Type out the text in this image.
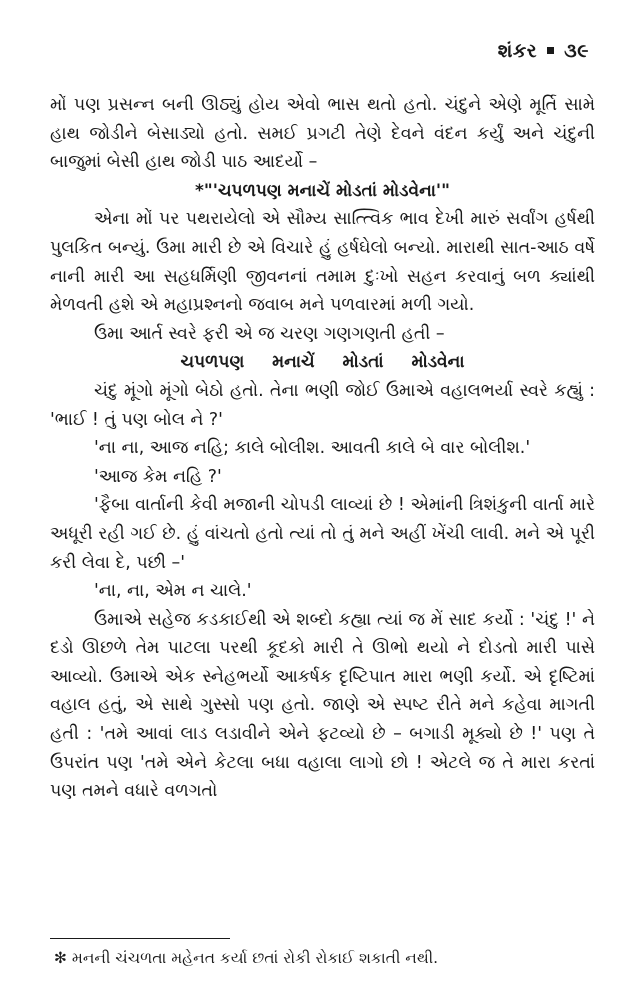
શંકર ૩૯

મોં પણ પ્રસન્ન બની ઊઠ્યું હોય એવો ભાસ થતો હતો. ચંદુને એણે મૂર્તિ સામે હાથ જોડીને બેસાડ્યો હતો. સમઈ પ્રગટી તેણે દેવને વંદન કર્યું અને ચંદુની બાજુમાં બેસી હાથ જોડી પાઠ આદર્યો –

*"'ચપળપણ મનાચેં મોડતાં મોડવેના'"

એના મોં પર પથરાયેલો એ સૌમ્ય સાત્ત્વિક ભાવ દેખી મારું સર્વાંગ હર્ષથી પુલકિત બન્યું. ઉમા મારી છે એ વિચારે હું હર્ષઘેલો બન્યો. મારાથી સાત-આઠ વર્ષે નાની મારી આ સહધર્મિણી જીવનનાં તમામ દુઃખો સહન કરવાનું બળ ક્યાંથી મેળવતી હશે એ મહાપ્રશ્નનો જવાબ મને પળવારમાં મળી ગયો.

ઉમા આર્ત સ્વરે ફરી એ જ ચરણ ગણગણતી હતી –

ચપળપણ મનાચેં મોડતાં મોડવેના

ચંદુ મૂંગો મૂંગો બેઠો હતો. તેના ભણી જોઈ ઉમાએ વહાલભર્યા સ્વરે કહ્યું : 'ભાઈ ! તું પણ બોલ ને ?'

'ના ના, આજ નહિ; કાલે બોલીશ. આવતી કાલે બે વાર બોલીશ.'

'આજ કેમ નહિ ?'

'ફૈબા વાર્તાની કેવી મજાની ચોપડી લાવ્યાં છે ! એમાંની ત્રિશંકુની વાર્તા મારે અધૂરી રહી ગઈ છે. હું વાંચતો હતો ત્યાં તો તું મને અહીં ખેંચી લાવી. મને એ પૂરી કરી લેવા દે, પછી –'

'ના, ના, એમ ન ચાલે.'

ઉમાએ સહેજ કડકાઈથી એ શબ્દો કહ્યા ત્યાં જ મેં સાદ કર્યો : 'ચંદુ !' ને દડો ઊછળે તેમ પાટલા પરથી કૂદકો મારી તે ઊભો થયો ને દોડતો મારી પાસે આવ્યો. ઉમાએ એક સ્નેહભર્યો આકર્ષક દૃષ્ટિપાત મારા ભણી કર્યો. એ દૃષ્ટિમાં વહાલ હતું, એ સાથે ગુસ્સો પણ હતો. જાણે એ સ્પષ્ટ રીતે મને કહેવા માગતી હતી : 'તમે આવાં લાડ લડાવીને એને ફટવ્યો છે – બગાડી મૂક્યો છે !' પણ તે ઉપરાંત પણ 'તમે એને કેટલા બધા વહાલા લાગો છો ! એટલે જ તે મારા કરતાં પણ તમને વધારે વળગતો

✻ મનની ચંચળતા મહેનત કર્યા છતાં રોકી રોકાઈ શકાતી નથી.
